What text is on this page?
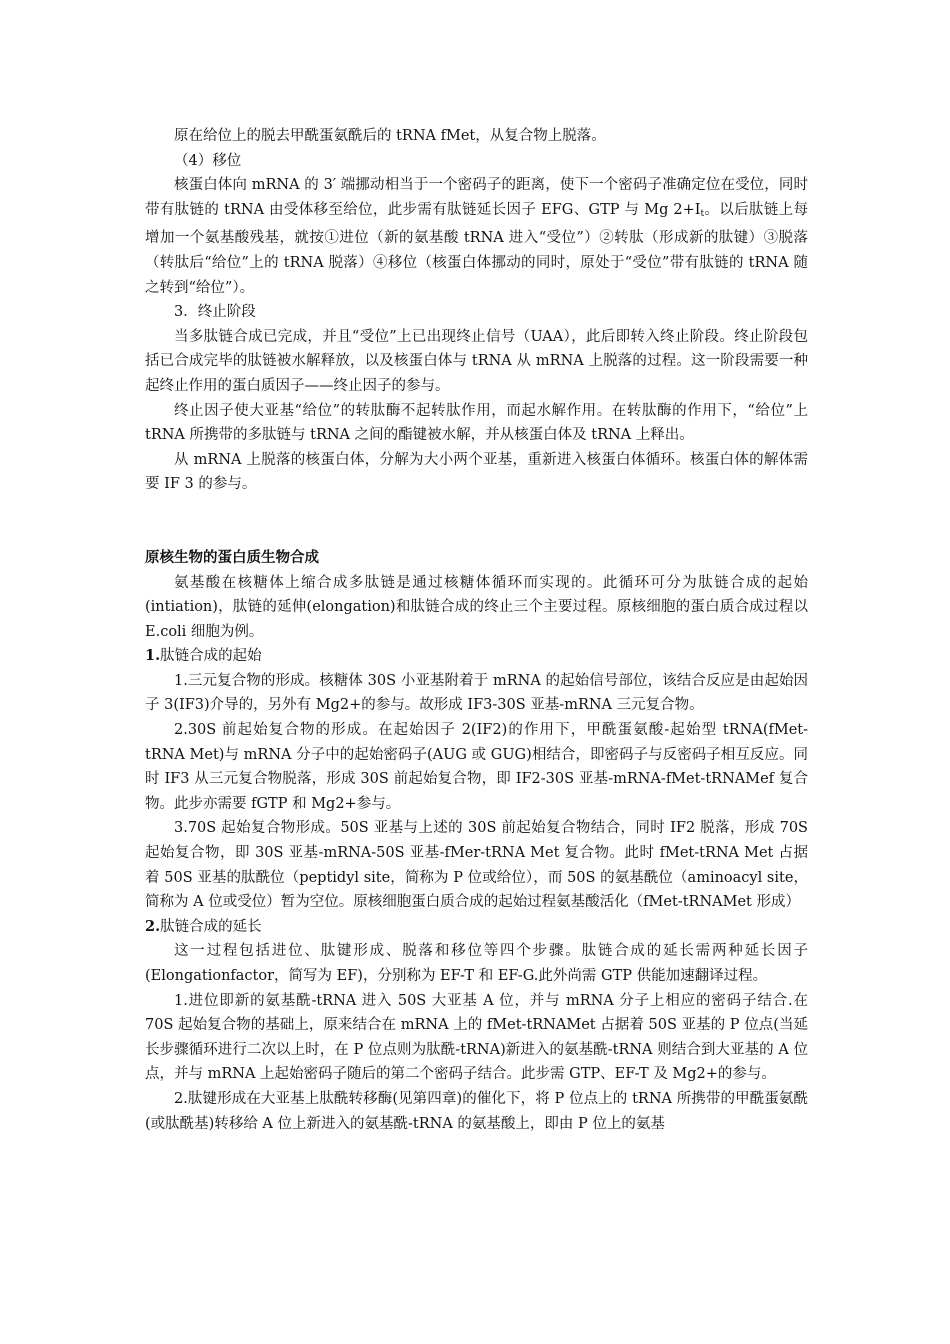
原在给位上的脱去甲酰蛋氨酰后的 tRNA fMet，从复合物上脱落。

（4）移位

核蛋白体向 mRNA 的 3′ 端挪动相当于一个密码子的距离，使下一个密码子准确定位在受位，同时带有肽链的 tRNA 由受体移至给位，此步需有肽链延长因子 EFG、GTP 与 Mg $2+I_t$。以后肽链上每增加一个氨基酸残基，就按①进位（新的氨基酸 tRNA 进入“受位”）②转肽（形成新的肽键）③脱落（转肽后“给位”上的 tRNA 脱落）④移位（核蛋白体挪动的同时，原处于“受位”带有肽链的 tRNA 随之转到“给位”）。

3．终止阶段

当多肽链合成已完成，并且“受位”上已出现终止信号（UAA），此后即转入终止阶段。终止阶段包括已合成完毕的肽链被水解释放，以及核蛋白体与 tRNA 从 mRNA 上脱落的过程。这一阶段需要一种起终止作用的蛋白质因子——终止因子的参与。

终止因子使大亚基“给位”的转肽酶不起转肽作用，而起水解作用。在转肽酶的作用下，“给位”上 tRNA 所携带的多肽链与 tRNA 之间的酯键被水解，并从核蛋白体及 tRNA 上释出。

从 mRNA 上脱落的核蛋白体，分解为大小两个亚基，重新进入核蛋白体循环。核蛋白体的解体需要 IF 3 的参与。

原核生物的蛋白质生物合成

氨基酸在核糖体上缩合成多肽链是通过核糖体循环而实现的。此循环可分为肽链合成的起始(intiation)，肽链的延伸(elongation)和肽链合成的终止三个主要过程。原核细胞的蛋白质合成过程以 E.coli 细胞为例。

1.肽链合成的起始

1.三元复合物的形成。核糖体 30S 小亚基附着于 mRNA 的起始信号部位，该结合反应是由起始因子 3(IF3)介导的，另外有 Mg2+的参与。故形成 IF3-30S 亚基-mRNA 三元复合物。

2.30S 前起始复合物的形成。在起始因子 2(IF2)的作用下，甲酰蛋氨酸-起始型 tRNA(fMet-tRNA Met)与 mRNA 分子中的起始密码子(AUG 或 GUG)相结合，即密码子与反密码子相互反应。同时 IF3 从三元复合物脱落，形成 30S 前起始复合物，即 IF2-30S 亚基-mRNA-fMet-tRNAMef 复合物。此步亦需要 fGTP 和 Mg2+参与。

3.70S 起始复合物形成。50S 亚基与上述的 30S 前起始复合物结合，同时 IF2 脱落，形成 70S 起始复合物，即 30S 亚基-mRNA-50S 亚基-fMer-tRNA Met 复合物。此时 fMet-tRNA Met 占据着 50S 亚基的肽酰位（peptidyl site，简称为 P 位或给位），而 50S 的氨基酰位（aminoacyl site，简称为 A 位或受位）暂为空位。原核细胞蛋白质合成的起始过程氨基酸活化（fMet-tRNAMet 形成）

2.肽链合成的延长

这一过程包括进位、肽键形成、脱落和移位等四个步骤。肽链合成的延长需两种延长因子(Elongationfactor，简写为 EF)，分别称为 EF-T 和 EF-G.此外尚需 GTP 供能加速翻译过程。

1.进位即新的氨基酰-tRNA 进入 50S 大亚基 A 位，并与 mRNA 分子上相应的密码子结合.在 70S 起始复合物的基础上，原来结合在 mRNA 上的 fMet-tRNAMet 占据着 50S 亚基的 P 位点(当延长步骤循环进行二次以上时，在 P 位点则为肽酰-tRNA)新进入的氨基酰-tRNA 则结合到大亚基的 A 位点，并与 mRNA 上起始密码子随后的第二个密码子结合。此步需 GTP、EF-T 及 Mg2+的参与。

2.肽键形成在大亚基上肽酰转移酶(见第四章)的催化下，将 P 位点上的 tRNA 所携带的甲酰蛋氨酰(或肽酰基)转移给 A 位上新进入的氨基酰-tRNA 的氨基酸上，即由 P 位上的氨基
